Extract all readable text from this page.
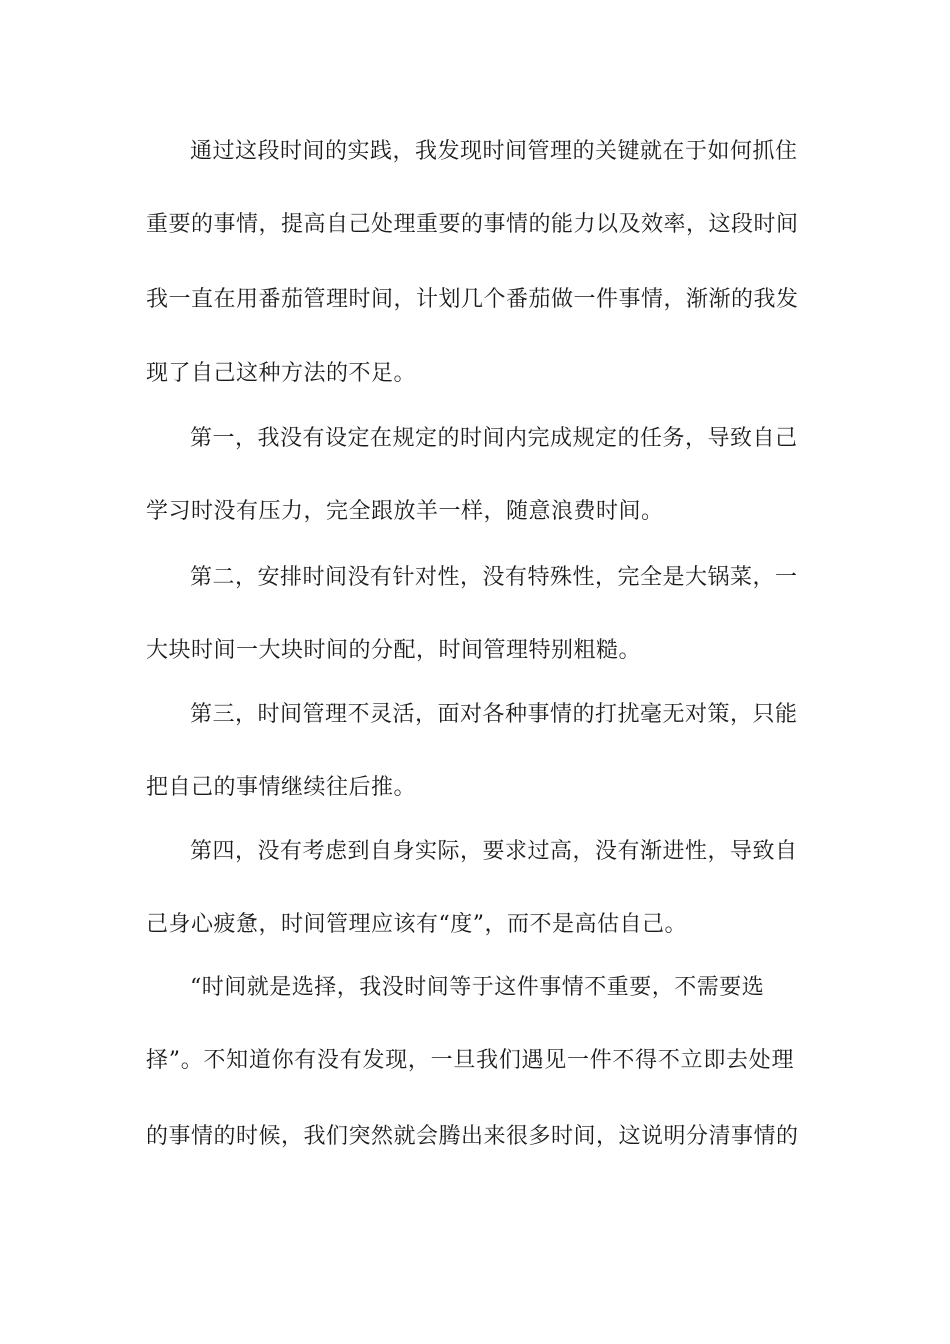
通过这段时间的实践，我发现时间管理的关键就在于如何抓住
重要的事情，提高自己处理重要的事情的能力以及效率，这段时间
我一直在用番茄管理时间，计划几个番茄做一件事情，渐渐的我发
现了自己这种方法的不足。
第一，我没有设定在规定的时间内完成规定的任务，导致自己
学习时没有压力，完全跟放羊一样，随意浪费时间。
第二，安排时间没有针对性，没有特殊性，完全是大锅菜，一
大块时间一大块时间的分配，时间管理特别粗糙。
第三，时间管理不灵活，面对各种事情的打扰毫无对策，只能
把自己的事情继续往后推。
第四，没有考虑到自身实际，要求过高，没有渐进性，导致自
己身心疲惫，时间管理应该有“度”，而不是高估自己。
“时间就是选择，我没时间等于这件事情不重要，不需要选
择”。不知道你有没有发现，一旦我们遇见一件不得不立即去处理
的事情的时候，我们突然就会腾出来很多时间，这说明分清事情的
